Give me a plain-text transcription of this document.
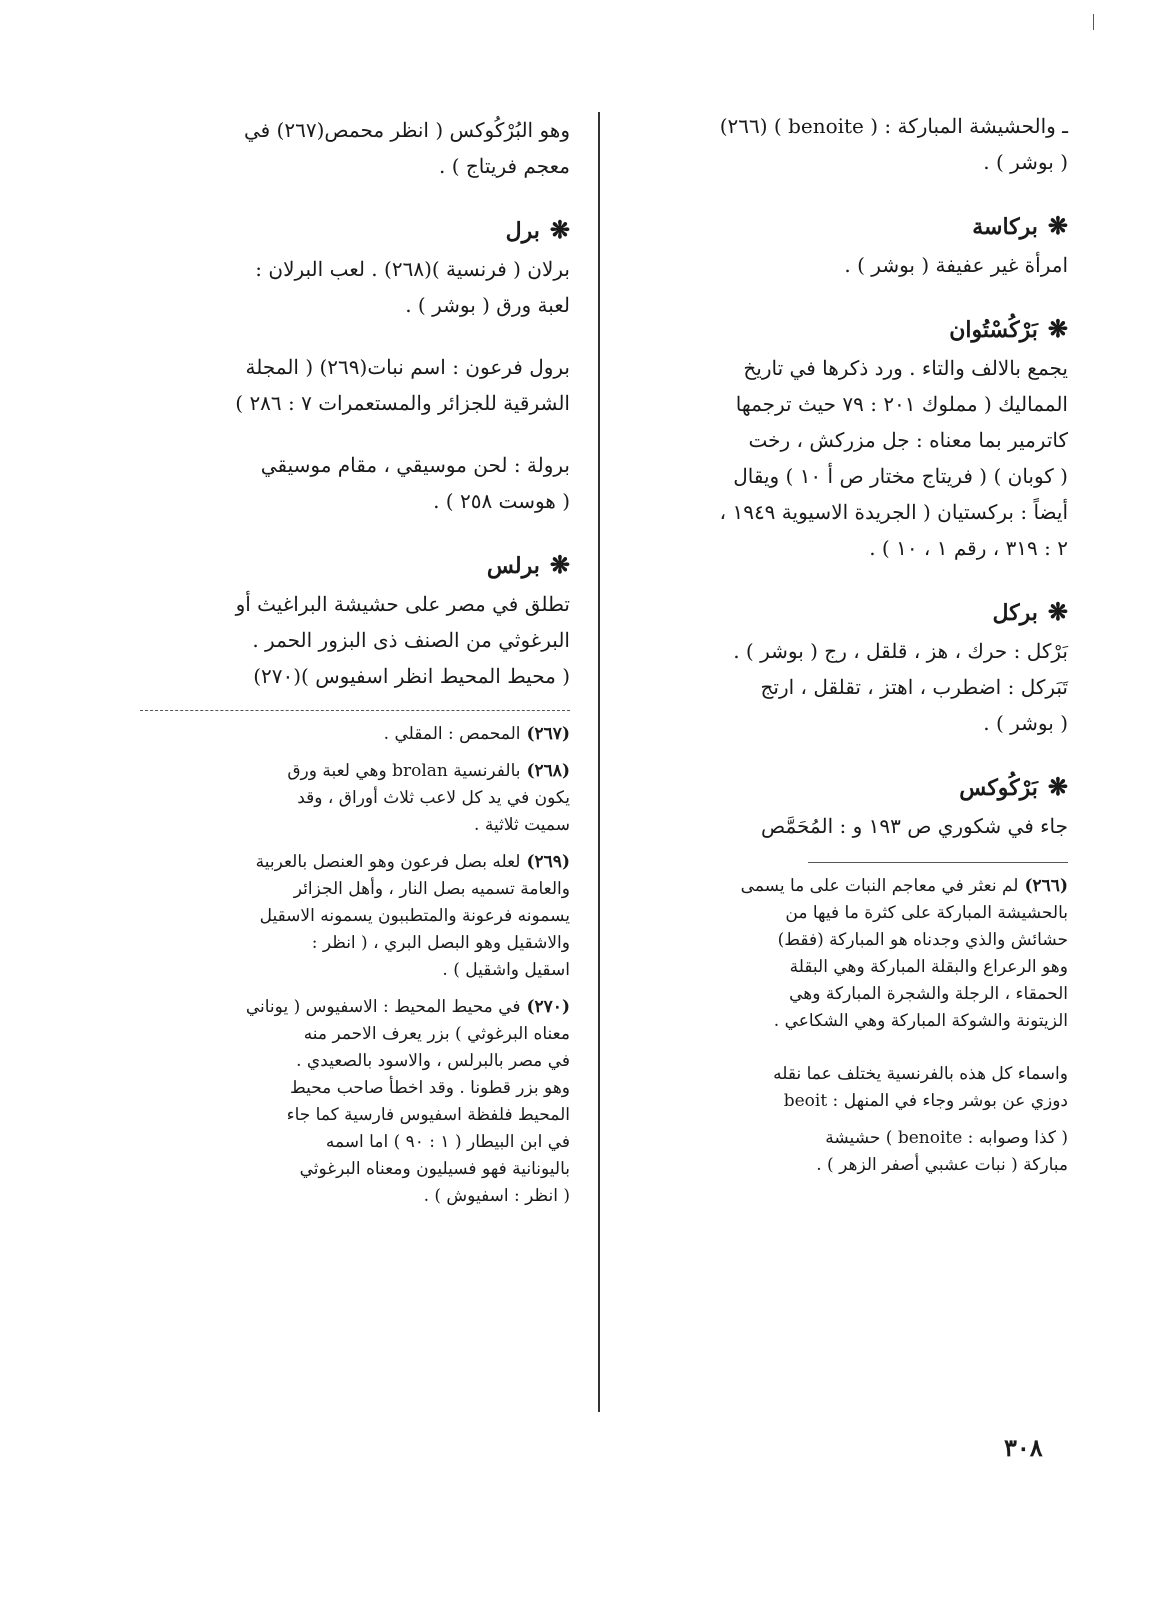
ـ والحشيشة المباركة : ( benoite ) (٢٦٦)

( بوشر ) .

❋بركاسة

امرأة غير عفيفة ( بوشر ) .

❋بَرْكُسْتُوان

يجمع بالالف والتاء . ورد ذكرها في تاريخ

المماليك ( مملوك ٢٠١ : ٧٩ حيث ترجمها

كاترمير بما معناه : جل مزركش ، رخت

( كوبان ) ( فريتاج مختار ص أ ١٠ ) ويقال

أيضاً : بركستيان ( الجريدة الاسيوية ١٩٤٩ ،

٢ : ٣١٩ ، رقم ١ ، ١٠ ) .

❋بركل

بَرْكل : حرك ، هز ، قلقل ، رج ( بوشر ) .

تَبَركل : اضطرب ، اهتز ، تقلقل ، ارتج

( بوشر ) .

❋بَرْكُوكس

جاء في شكوري ص ١٩٣ و : المُحَمَّص

(٢٦٦)لم نعثر في معاجم النبات على ما يسمى
بالحشيشة المباركة على كثرة ما فيها من
حشائش والذي وجدناه هو المباركة (فقط)
وهو الرعراع والبقلة المباركة وهي البقلة
الحمقاء ، الرجلة والشجرة المباركة وهي
الزيتونة والشوكة المباركة وهي الشكاعي .

واسماء كل هذه بالفرنسية يختلف عما نقله
دوزي عن بوشر وجاء في المنهل : beoit

( كذا وصوابه : benoite ) حشيشة
مباركة ( نبات عشبي أصفر الزهر ) .

وهو البُرْكُوكس ( انظر محمص(٢٦٧) في

معجم فريتاج ) .

❋برل

برلان ( فرنسية )(٢٦٨) . لعب البرلان :

لعبة ورق ( بوشر ) .

برول فرعون : اسم نبات(٢٦٩) ( المجلة

الشرقية للجزائر والمستعمرات ٧ : ٢٨٦ )

برولة : لحن موسيقي ، مقام موسيقي

( هوست ٢٥٨ ) .

❋برلس

تطلق في مصر على حشيشة البراغيث أو

البرغوثي من الصنف ذى البزور الحمر .

( محيط المحيط انظر اسفيوس )(٢٧٠)

(٢٦٧)المحمص : المقلي .

(٢٦٨)بالفرنسية brolan وهي لعبة ورق
يكون في يد كل لاعب ثلاث أوراق ، وقد
سميت ثلاثية .

(٢٦٩)لعله بصل فرعون وهو العنصل بالعربية
والعامة تسميه بصل النار ، وأهل الجزائر
يسمونه فرعونة والمتطببون يسمونه الاسقيل
والاشقيل وهو البصل البري ، ( انظر :
اسقيل واشقيل ) .

(٢٧٠)في محيط المحيط : الاسفيوس ( يوناني
معناه البرغوثي ) بزر يعرف الاحمر منه
في مصر بالبرلس ، والاسود بالصعيدي .
وهو بزر قطونا . وقد اخطأ صاحب محيط
المحيط فلفظة اسفيوس فارسية كما جاء
في ابن البيطار ( ١ : ٩٠ ) اما اسمه
باليونانية فهو فسيليون ومعناه البرغوثي
( انظر : اسفيوش ) .

٣٠٨
